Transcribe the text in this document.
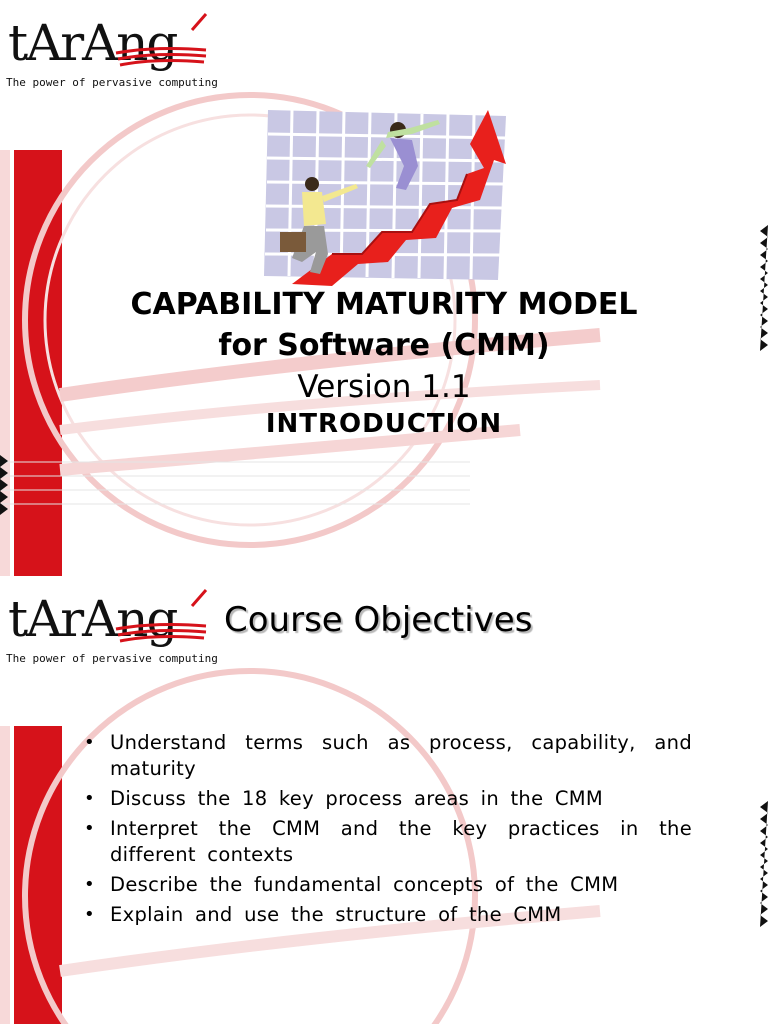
tArAng
The power of pervasive computing
CAPABILITY MATURITY MODEL
for Software (CMM)
Version 1.1
INTRODUCTION
tArAng
The power of pervasive computing
Course Objectives
• Understand terms such as process, capability, and maturity
• Discuss the 18 key process areas in the CMM
• Interpret the CMM and the key practices in the different contexts
• Describe the fundamental concepts of the CMM
• Explain and use the structure of the CMM
